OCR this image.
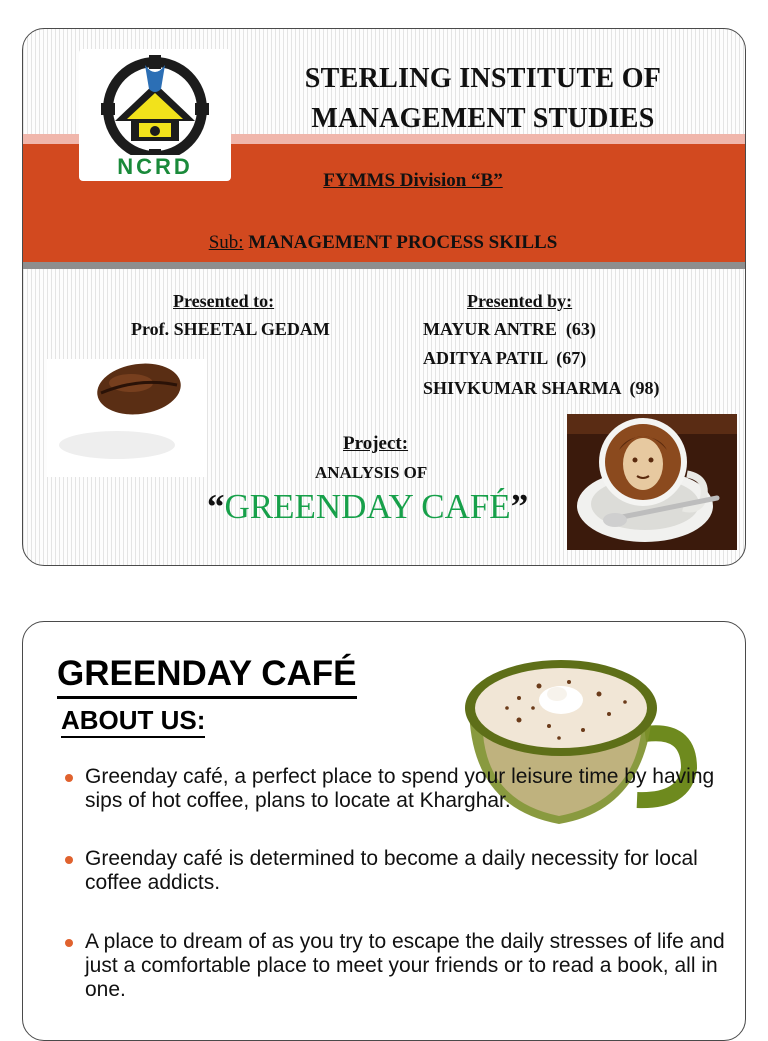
NCRD
STERLING INSTITUTE OF
MANAGEMENT STUDIES
FYMMS Division “B”
Sub: MANAGEMENT PROCESS SKILLS
Presented to:
Prof. SHEETAL GEDAM
Presented by:
MAYUR ANTRE  (63)
ADITYA PATIL  (67)
SHIVKUMAR SHARMA  (98)
Project:
ANALYSIS OF
“GREENDAY CAFÉ”
GREENDAY CAFÉ
ABOUT US:
Greenday café, a perfect place to spend your leisure time by having sips of hot coffee, plans to locate at Kharghar.
Greenday café is determined to become a daily necessity for local coffee addicts.
A place to dream of as you try to escape the daily stresses of life and just a comfortable place to meet your friends or to read a book, all in one.
